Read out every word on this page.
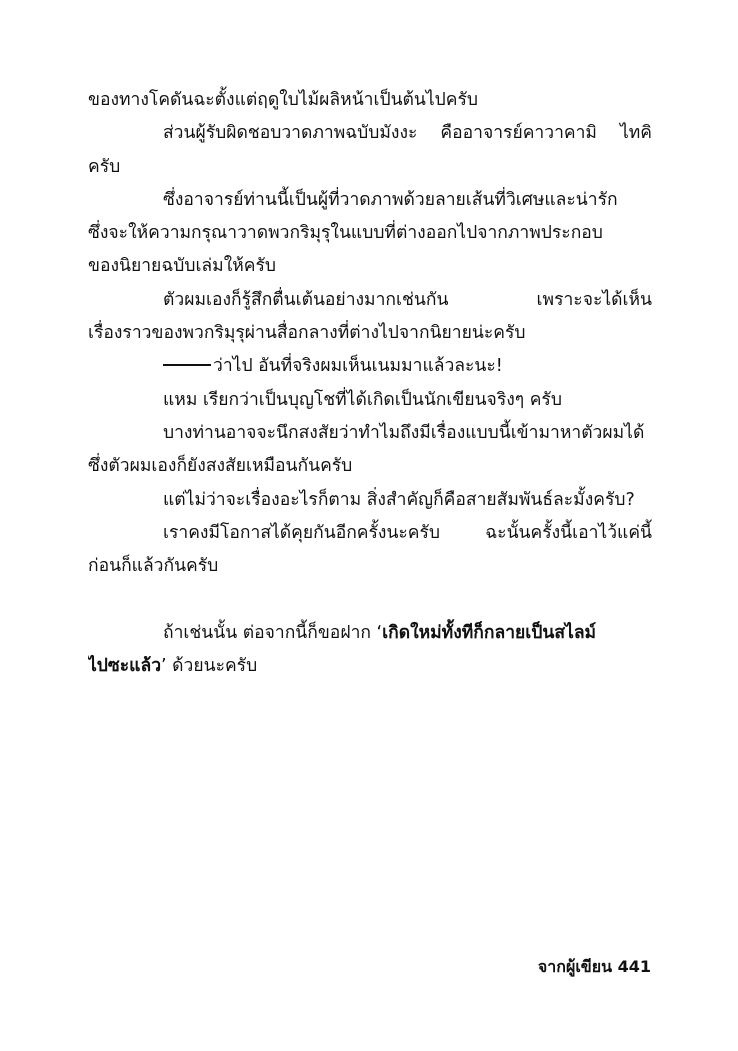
ของทางโคดันฉะตั้งแต่ฤดูใบไม้ผลิหน้าเป็นต้นไปครับ
ส่วนผู้รับผิดชอบวาดภาพฉบับมังงะ คืออาจารย์คาวาคามิ ไทคิ
ครับ
ซึ่งอาจารย์ท่านนี้เป็นผู้ที่วาดภาพด้วยลายเส้นที่วิเศษและน่ารัก
ซึ่งจะให้ความกรุณาวาดพวกริมุรุในแบบที่ต่างออกไปจากภาพประกอบ
ของนิยายฉบับเล่มให้ครับ
ตัวผมเองก็รู้สึกตื่นเต้นอย่างมากเช่นกัน เพราะจะได้เห็น
เรื่องราวของพวกริมุรุผ่านสื่อกลางที่ต่างไปจากนิยายน่ะครับ
ว่าไป อันที่จริงผมเห็นเนมมาแล้วละนะ!
แหม เรียกว่าเป็นบุญโชที่ได้เกิดเป็นนักเขียนจริงๆ ครับ
บางท่านอาจจะนึกสงสัยว่าทำไมถึงมีเรื่องแบบนี้เข้ามาหาตัวผมได้
ซึ่งตัวผมเองก็ยังสงสัยเหมือนกันครับ
แต่ไม่ว่าจะเรื่องอะไรก็ตาม สิ่งสำคัญก็คือสายสัมพันธ์ละมั้งครับ?
เราคงมีโอกาสได้คุยกันอีกครั้งนะครับ ฉะนั้นครั้งนี้เอาไว้แค่นี้
ก่อนก็แล้วกันครับ
ถ้าเช่นนั้น ต่อจากนี้ก็ขอฝาก ‘เกิดใหม่ทั้งทีก็กลายเป็นสไลม์
ไปซะแล้ว’ ด้วยนะครับ
จากผู้เขียน 441
